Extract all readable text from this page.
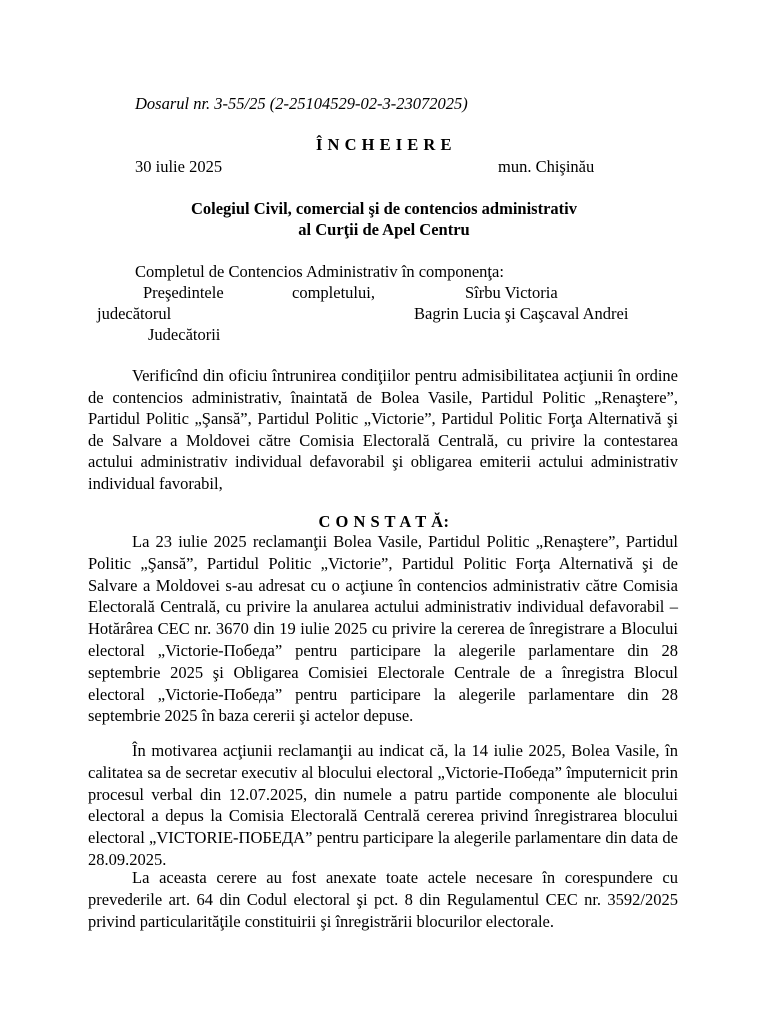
Dosarul nr. 3-55/25 (2-25104529-02-3-23072025)
Î N C H E I E R E
30 iulie 2025	mun. Chişinău
Colegiul Civil, comercial şi de contencios administrativ
al Curţii de Apel Centru
Completul de Contencios Administrativ în componenţa:
Preşedintele	completului,	Sîrbu Victoria
judecătorul	Bagrin Lucia şi Caşcaval Andrei
Judecătorii

Verificînd din oficiu întrunirea condiţiilor pentru admisibilitatea acţiunii în ordine de contencios administrativ, înaintată de Bolea Vasile, Partidul Politic „Renaştere”, Partidul Politic „Şansă”, Partidul Politic „Victorie”, Partidul Politic Forţa Alternativă şi de Salvare a Moldovei către Comisia Electorală Centrală, cu privire la contestarea actului administrativ individual defavorabil şi obligarea emiterii actului administrativ individual favorabil,

C O N S T A T Ă:

La 23 iulie 2025 reclamanţii Bolea Vasile, Partidul Politic „Renaştere”, Partidul Politic „Şansă”, Partidul Politic „Victorie”, Partidul Politic Forţa Alternativă şi de Salvare a Moldovei s-au adresat cu o acţiune în contencios administrativ către Comisia Electorală Centrală, cu privire la anularea actului administrativ individual defavorabil –Hotărârea CEC nr. 3670 din 19 iulie 2025 cu privire la cererea de înregistrare a Blocului electoral „Victorie-Победа” pentru participare la alegerile parlamentare din 28 septembrie 2025 şi Obligarea Comisiei Electorale Centrale de a înregistra Blocul electoral „Victorie-Победа” pentru participare la alegerile parlamentare din 28 septembrie 2025 în baza cererii şi actelor depuse.

În motivarea acţiunii reclamanţii au indicat că, la 14 iulie 2025, Bolea Vasile, în calitatea sa de secretar executiv al blocului electoral „Victorie-Победа” împuternicit prin procesul verbal din 12.07.2025, din numele a patru partide componente ale blocului electoral a depus la Comisia Electorală Centrală cererea privind înregistrarea blocului electoral „VICTORIE-ПОБЕДА” pentru participare la alegerile parlamentare din data de 28.09.2025.

La aceasta cerere au fost anexate toate actele necesare în corespundere cu prevederile art. 64 din Codul electoral şi pct. 8 din Regulamentul CEC nr. 3592/2025 privind particularităţile constituirii şi înregistrării blocurilor electorale.
